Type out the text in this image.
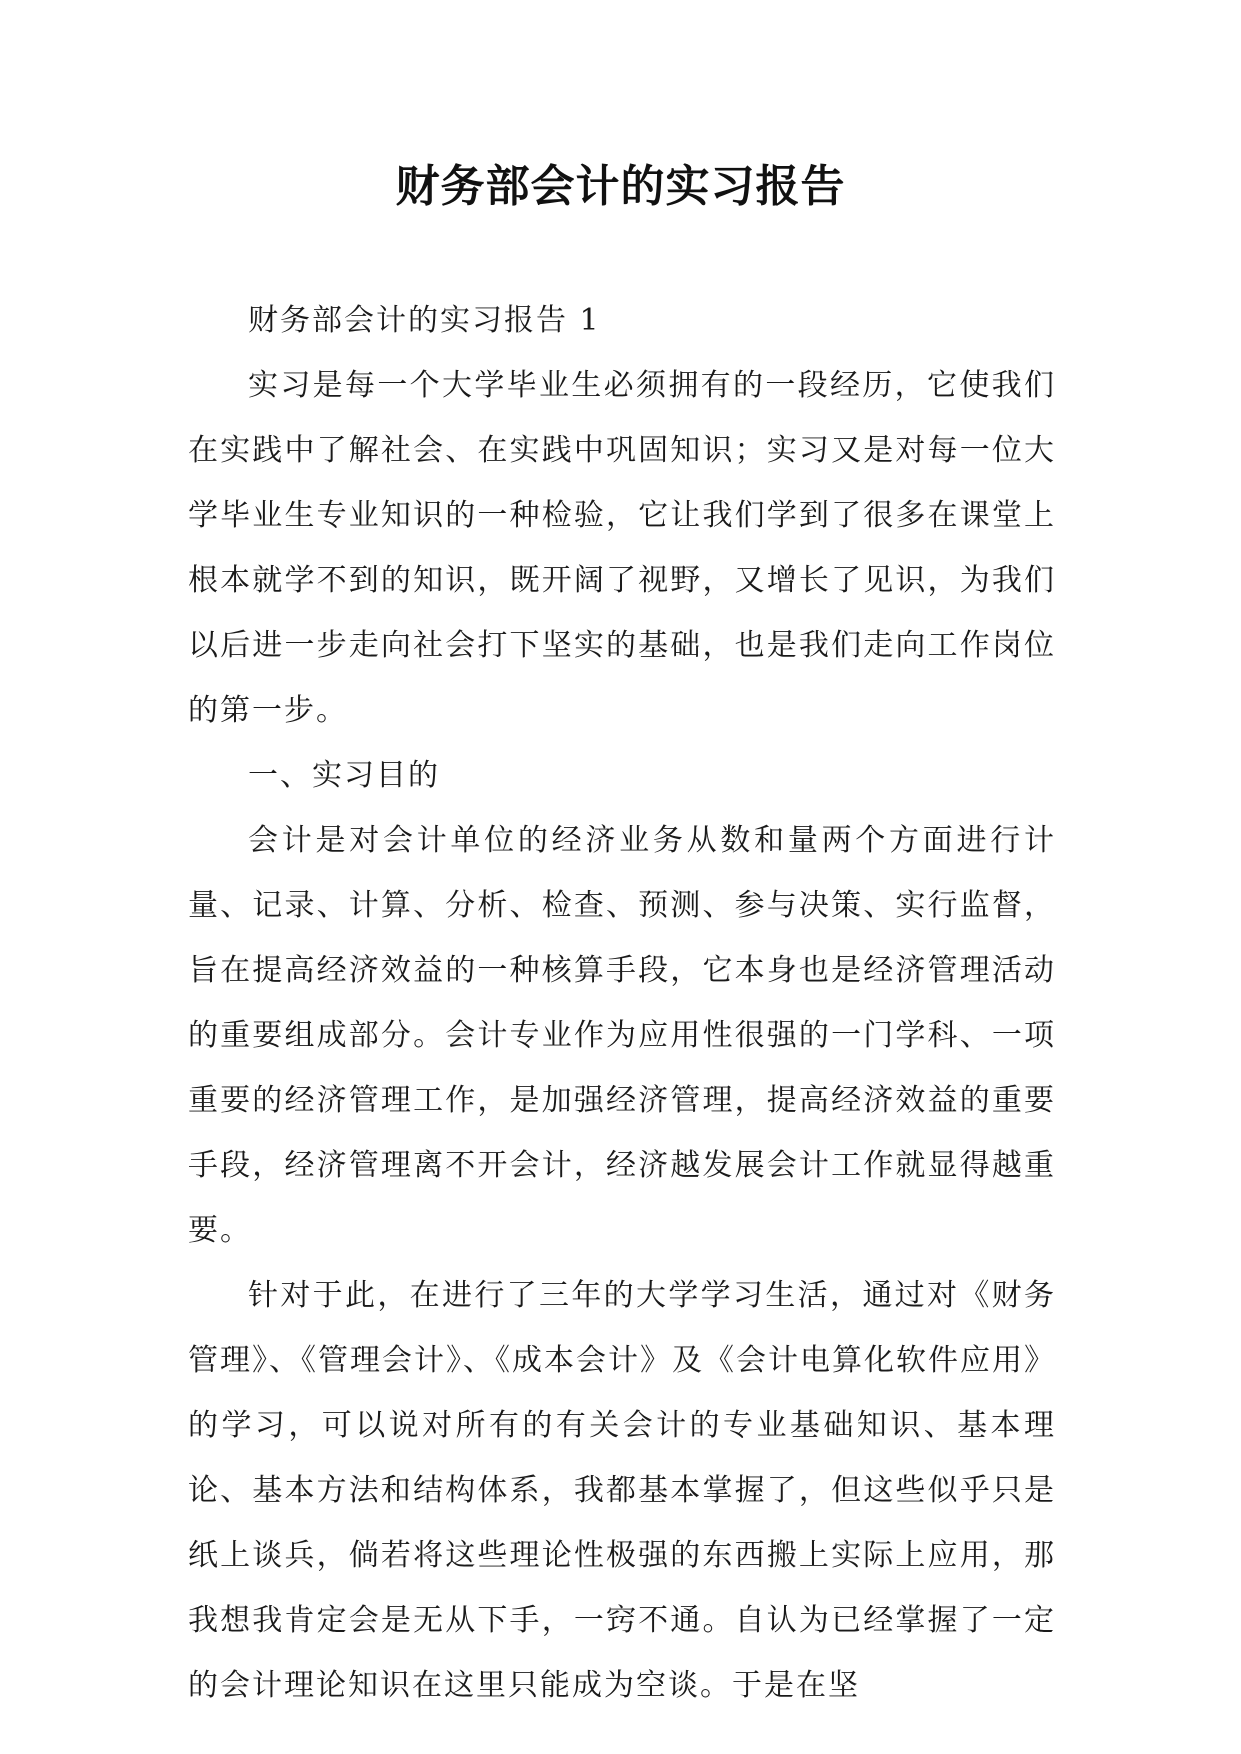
财务部会计的实习报告

财务部会计的实习报告 1

实习是每一个大学毕业生必须拥有的一段经历，它使我们在实践中了解社会、在实践中巩固知识；实习又是对每一位大学毕业生专业知识的一种检验，它让我们学到了很多在课堂上根本就学不到的知识，既开阔了视野，又增长了见识，为我们以后进一步走向社会打下坚实的基础，也是我们走向工作岗位的第一步。

一、实习目的

会计是对会计单位的经济业务从数和量两个方面进行计量、记录、计算、分析、检查、预测、参与决策、实行监督，旨在提高经济效益的一种核算手段，它本身也是经济管理活动的重要组成部分。会计专业作为应用性很强的一门学科、一项重要的经济管理工作，是加强经济管理，提高经济效益的重要手段，经济管理离不开会计，经济越发展会计工作就显得越重要。

针对于此，在进行了三年的大学学习生活，通过对《财务管理》、《管理会计》、《成本会计》及《会计电算化软件应用》的学习，可以说对所有的有关会计的专业基础知识、基本理论、基本方法和结构体系，我都基本掌握了，但这些似乎只是纸上谈兵，倘若将这些理论性极强的东西搬上实际上应用，那我想我肯定会是无从下手，一窍不通。自认为已经掌握了一定的会计理论知识在这里只能成为空谈。于是在坚
